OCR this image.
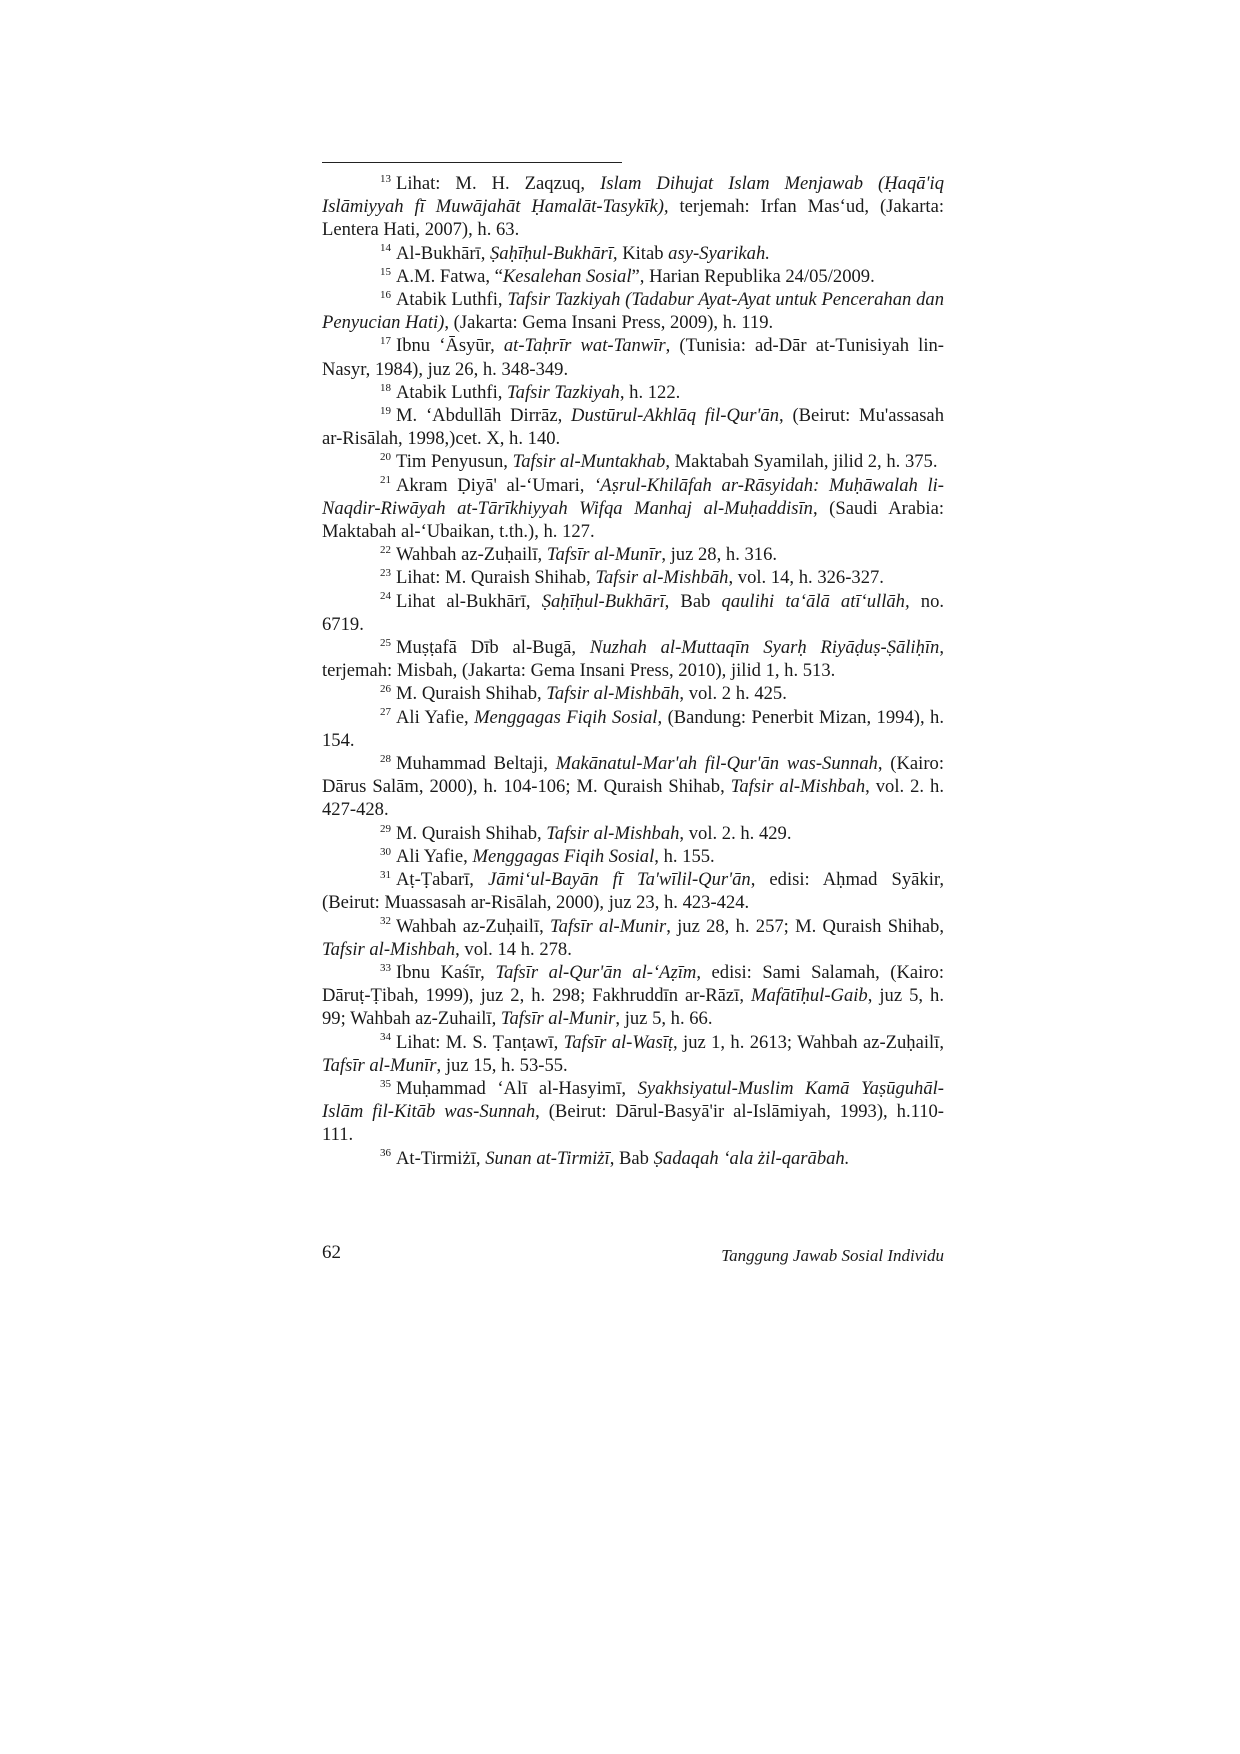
$^{13}$ Lihat: M. H. Zaqzuq, Islam Dihujat Islam Menjawab (Ḥaqā'iq Islāmiyyah fī Muwājahāt Ḥamalāt-Tasykīk), terjemah: Irfan Mas‘ud, (Jakarta: Lentera Hati, 2007), h. 63.

$^{14}$ Al-Bukhārī, Ṣaḥīḥul-Bukhārī, Kitab asy-Syarikah.

$^{15}$ A.M. Fatwa, “Kesalehan Sosial”, Harian Republika 24/05/2009.

$^{16}$ Atabik Luthfi, Tafsir Tazkiyah (Tadabur Ayat-Ayat untuk Pencerahan dan Penyucian Hati), (Jakarta: Gema Insani Press, 2009), h. 119.

$^{17}$ Ibnu ‘Āsyūr, at-Taḥrīr wat-Tanwīr, (Tunisia: ad-Dār at-Tunisiyah lin-Nasyr, 1984), juz 26, h. 348-349.

$^{18}$ Atabik Luthfi, Tafsir Tazkiyah, h. 122.

$^{19}$ M. ‘Abdullāh Dirrāz, Dustūrul-Akhlāq fil-Qur'ān, (Beirut: Mu'assasah ar-Risālah, 1998,)cet. X, h. 140.

$^{20}$ Tim Penyusun, Tafsir al-Muntakhab, Maktabah Syamilah, jilid 2, h. 375.

$^{21}$ Akram Ḍiyā' al-‘Umari, ‘Aṣrul-Khilāfah ar-Rāsyidah: Muḥāwalah li-Naqdir-Riwāyah at-Tārīkhiyyah Wifqa Manhaj al-Muḥaddisīn, (Saudi Arabia: Maktabah al-‘Ubaikan, t.th.), h. 127.

$^{22}$ Wahbah az-Zuḥailī, Tafsīr al-Munīr, juz 28, h. 316.

$^{23}$ Lihat: M. Quraish Shihab, Tafsir al-Mishbāh, vol. 14, h. 326-327.

$^{24}$ Lihat al-Bukhārī, Ṣaḥīḥul-Bukhārī, Bab qaulihi ta‘ālā atī‘ullāh, no. 6719.

$^{25}$ Muṣṭafā Dīb al-Bugā, Nuzhah al-Muttaqīn Syarḥ Riyāḍuṣ-Ṣāliḥīn, terjemah: Misbah, (Jakarta: Gema Insani Press, 2010), jilid 1, h. 513.

$^{26}$ M. Quraish Shihab, Tafsir al-Mishbāh, vol. 2 h. 425.

$^{27}$ Ali Yafie, Menggagas Fiqih Sosial, (Bandung: Penerbit Mizan, 1994), h. 154.

$^{28}$ Muhammad Beltaji, Makānatul-Mar'ah fil-Qur'ān was-Sunnah, (Kairo: Dārus Salām, 2000), h. 104-106; M. Quraish Shihab, Tafsir al-Mishbah, vol. 2. h. 427-428.

$^{29}$ M. Quraish Shihab, Tafsir al-Mishbah, vol. 2. h. 429.

$^{30}$ Ali Yafie, Menggagas Fiqih Sosial, h. 155.

$^{31}$ Aṭ-Ṭabarī, Jāmi‘ul-Bayān fī Ta'wīlil-Qur'ān, edisi: Aḥmad Syākir, (Beirut: Muassasah ar-Risālah, 2000), juz 23, h. 423-424.

$^{32}$ Wahbah az-Zuḥailī, Tafsīr al-Munir, juz 28, h. 257; M. Quraish Shihab, Tafsir al-Mishbah, vol. 14 h. 278.

$^{33}$ Ibnu Kaśīr, Tafsīr al-Qur'ān al-‘Aẓīm, edisi: Sami Salamah, (Kairo: Dāruṭ-Ṭibah, 1999), juz 2, h. 298; Fakhruddīn ar-Rāzī, Mafātīḥul-Gaib, juz 5, h. 99; Wahbah az-Zuhailī, Tafsīr al-Munir, juz 5, h. 66.

$^{34}$ Lihat: M. S. Ṭanṭawī, Tafsīr al-Wasīṭ, juz 1, h. 2613; Wahbah az-Zuḥailī, Tafsīr al-Munīr, juz 15, h. 53-55.

$^{35}$ Muḥammad ‘Alī al-Hasyimī, Syakhsiyatul-Muslim Kamā Yaṣūguhāl-Islām fil-Kitāb was-Sunnah, (Beirut: Dārul-Basyā'ir al-Islāmiyah, 1993), h.110-111.

$^{36}$ At-Tirmiżī, Sunan at-Tirmiżī, Bab Ṣadaqah ‘ala żil-qarābah.

62	Tanggung Jawab Sosial Individu
